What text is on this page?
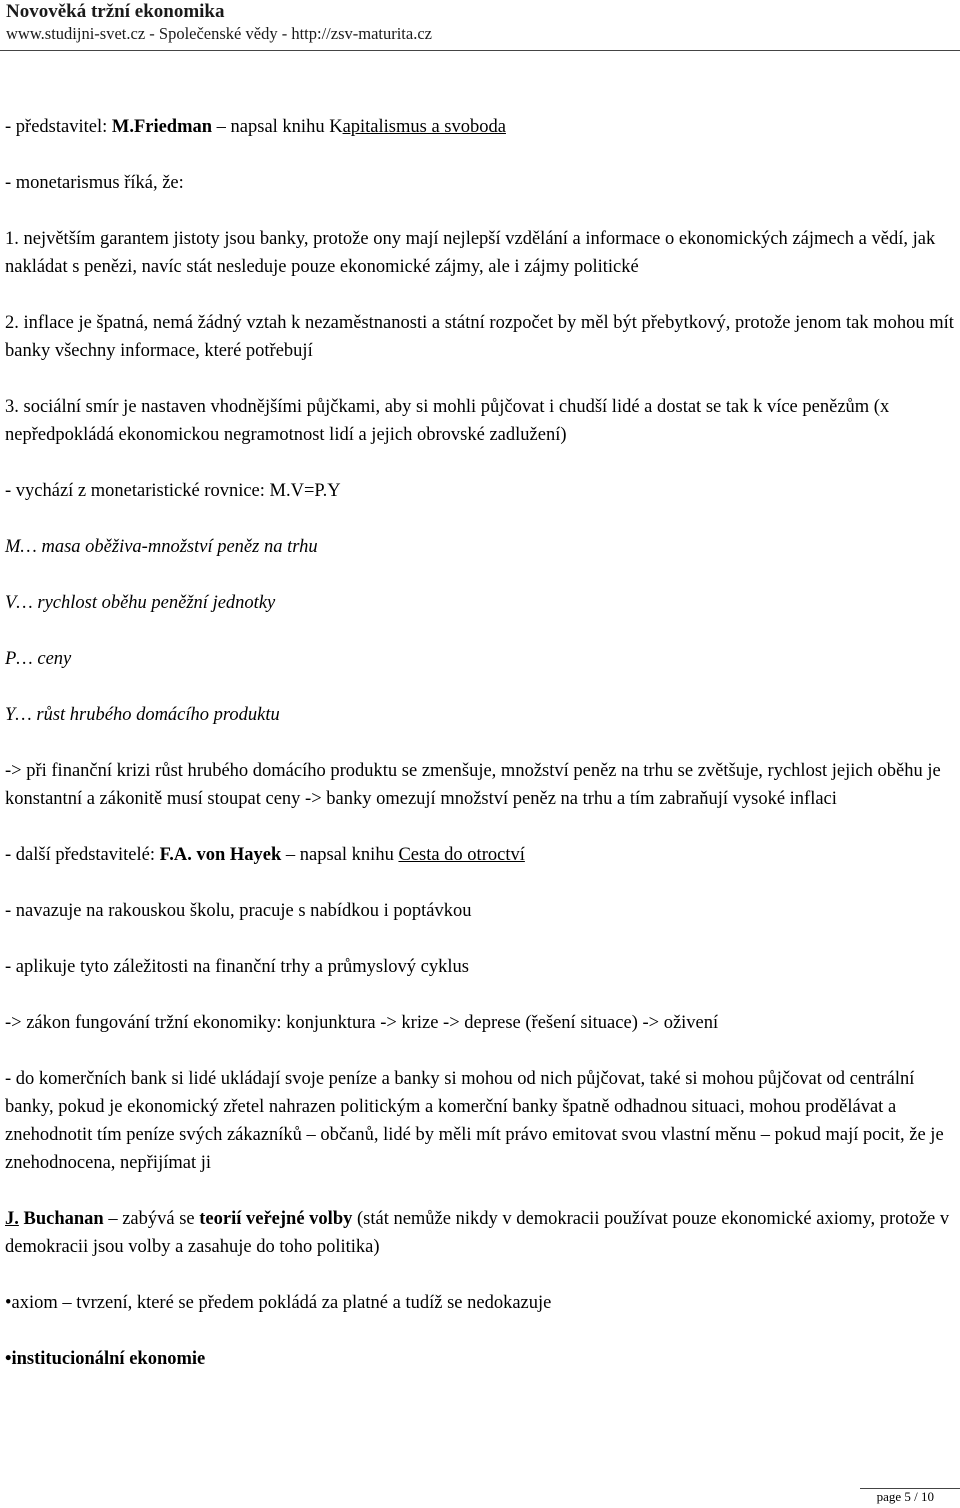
Novověká tržní ekonomika
www.studijni-svet.cz - Společenské vědy - http://zsv-maturita.cz

- představitel: M.Friedman – napsal knihu Kapitalismus a svoboda

- monetarismus říká, že:

1. největším garantem jistoty jsou banky, protože ony mají nejlepší vzdělání a informace o ekonomických zájmech a vědí, jak nakládat s penězi, navíc stát nesleduje pouze ekonomické zájmy, ale i zájmy politické

2. inflace je špatná, nemá žádný vztah k nezaměstnanosti a státní rozpočet by měl být přebytkový, protože jenom tak mohou mít banky všechny informace, které potřebují

3. sociální smír je nastaven vhodnějšími půjčkami, aby si mohli půjčovat i chudší lidé a dostat se tak k více penězům (x nepředpokládá ekonomickou negramotnost lidí a jejich obrovské zadlužení)

- vychází z monetaristické rovnice: M.V=P.Y

M… masa oběživa-množství peněz na trhu

V… rychlost oběhu peněžní jednotky

P… ceny

Y… růst hrubého domácího produktu

-> při finanční krizi růst hrubého domácího produktu se zmenšuje, množství peněz na trhu se zvětšuje, rychlost jejich oběhu je konstantní a zákonitě musí stoupat ceny -> banky omezují množství peněz na trhu a tím zabraňují vysoké inflaci

- další představitelé: F.A. von Hayek – napsal knihu Cesta do otroctví

- navazuje na rakouskou školu, pracuje s nabídkou i poptávkou

- aplikuje tyto záležitosti na finanční trhy a průmyslový cyklus

-> zákon fungování tržní ekonomiky: konjunktura -> krize -> deprese (řešení situace) -> oživení

- do komerčních bank si lidé ukládají svoje peníze a banky si mohou od nich půjčovat, také si mohou půjčovat od centrální banky, pokud je ekonomický zřetel nahrazen politickým a komerční banky špatně odhadnou situaci, mohou prodělávat a znehodnotit tím peníze svých zákazníků – občanů, lidé by měli mít právo emitovat svou vlastní měnu – pokud mají pocit, že je znehodnocena, nepřijímat ji

J. Buchanan – zabývá se teorií veřejné volby (stát nemůže nikdy v demokracii používat pouze ekonomické axiomy, protože v demokracii jsou volby a zasahuje do toho politika)

•axiom – tvrzení, které se předem pokládá za platné a tudíž se nedokazuje

•institucionální ekonomie

page 5 / 10
